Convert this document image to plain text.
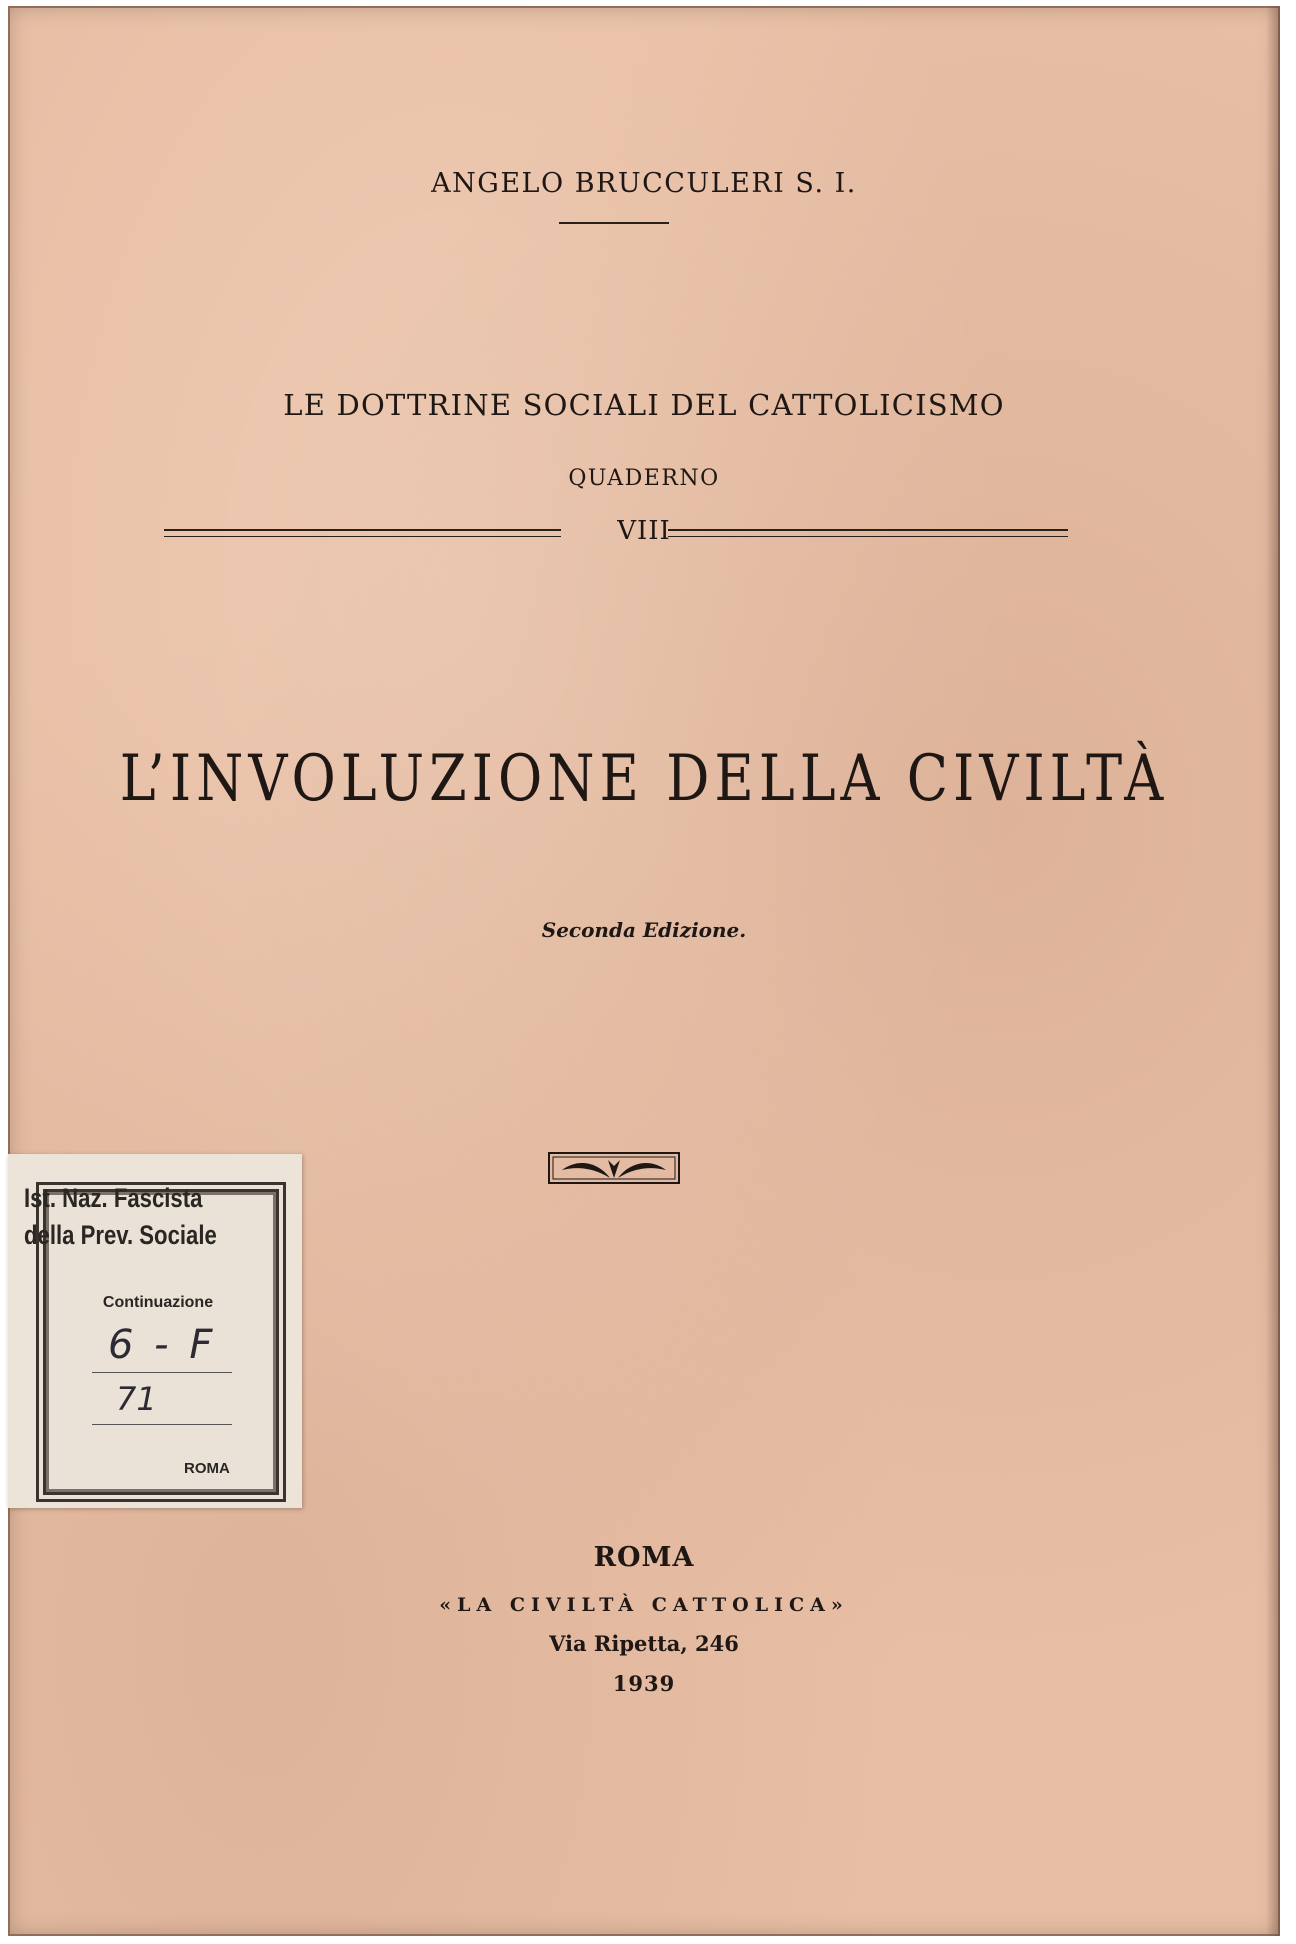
ANGELO BRUCCULERI S. I.
LE DOTTRINE SOCIALI DEL CATTOLICISMO
QUADERNO
VIII
L’INVOLUZIONE DELLA CIVILTÀ
Seconda Edizione.
ROMA
«LA CIVILTÀ CATTOLICA»
Via Ripetta, 246
1939
Ist. Naz. Fascista
della Prev. Sociale
Continuazione
6 - F
71
ROMA
